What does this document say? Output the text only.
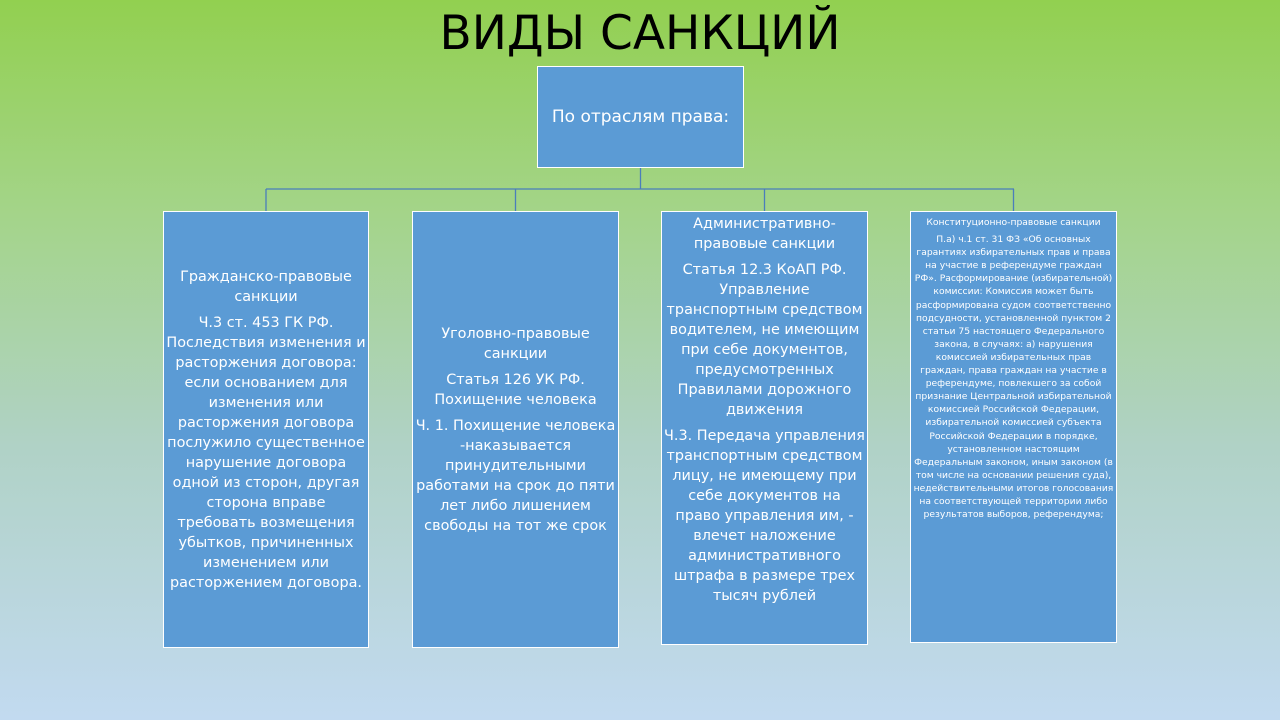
ВИДЫ САНКЦИЙ

По отраслям права:

Гражданско-правовые санкции

Ч.3 ст. 453 ГК РФ. Последствия изменения и расторжения договора: если основанием для изменения или расторжения договора послужило существенное нарушение договора одной из сторон, другая сторона вправе требовать возмещения убытков, причиненных изменением или расторжением договора.

Уголовно-правовые санкции

Статья 126 УК РФ. Похищение человека

Ч. 1. Похищение человека -наказывается принудительными работами на срок до пяти лет либо лишением свободы на тот же срок

Административно-правовые санкции

Статья 12.3 КоАП РФ. Управление транспортным средством водителем, не имеющим при себе документов, предусмотренных Правилами дорожного движения

Ч.3. Передача управления транспортным средством лицу, не имеющему при себе документов на право управления им, - влечет наложение административного штрафа в размере трех тысяч рублей

Конституционно-правовые санкции

П.а) ч.1 ст. 31 ФЗ «Об основных гарантиях избирательных прав и права на участие в референдуме граждан РФ». Расформирование (избирательной) комиссии: Комиссия может быть расформирована судом соответственно подсудности, установленной пунктом 2 статьи 75 настоящего Федерального закона, в случаях: а) нарушения комиссией избирательных прав граждан, права граждан на участие в референдуме, повлекшего за собой признание Центральной избирательной комиссией Российской Федерации, избирательной комиссией субъекта Российской Федерации в порядке, установленном настоящим Федеральным законом, иным законом (в том числе на основании решения суда), недействительными итогов голосования на соответствующей территории либо результатов выборов, референдума;
